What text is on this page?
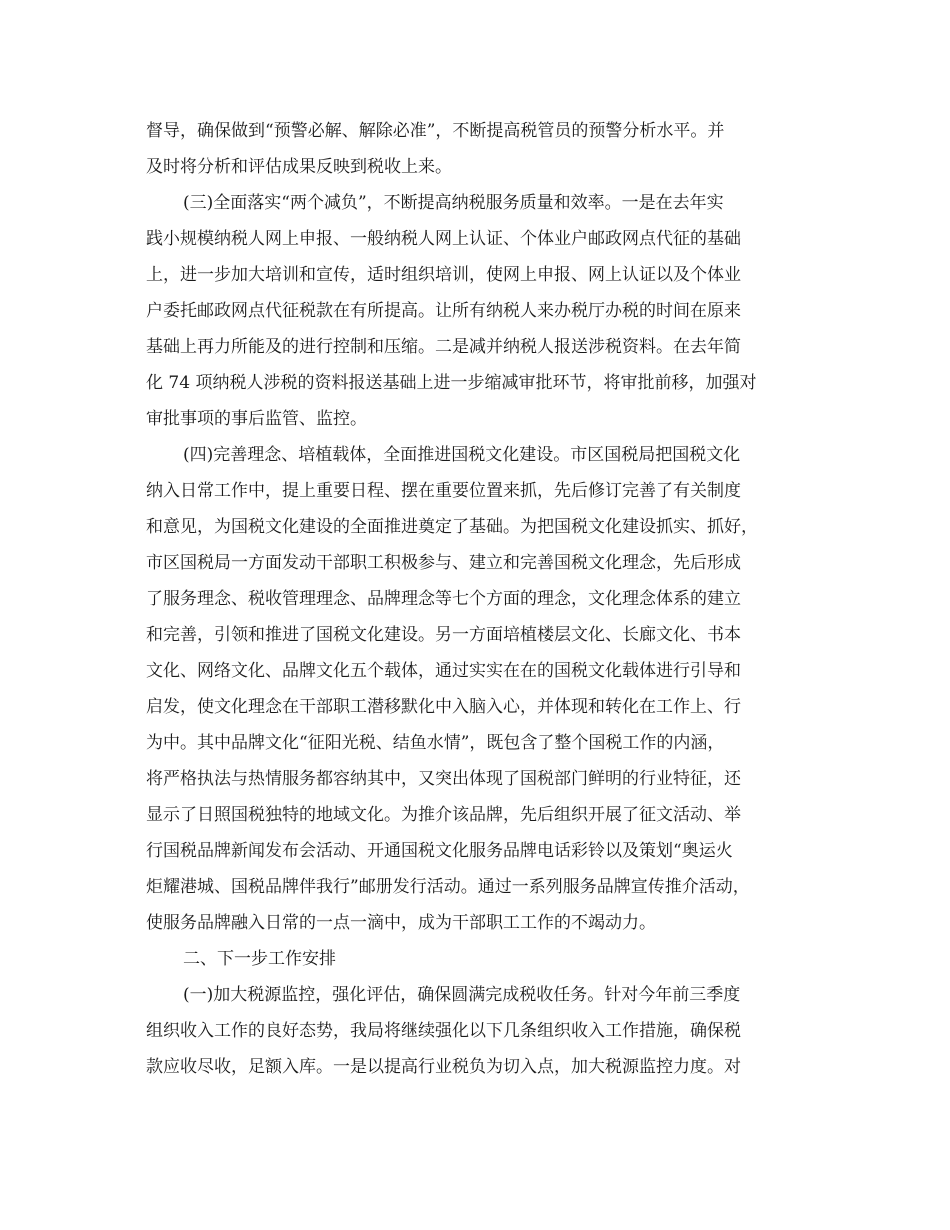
督导，确保做到“预警必解、解除必准”，不断提高税管员的预警分析水平。并
及时将分析和评估成果反映到税收上来。
(三)全面落实“两个减负”，不断提高纳税服务质量和效率。一是在去年实
践小规模纳税人网上申报、一般纳税人网上认证、个体业户邮政网点代征的基础
上，进一步加大培训和宣传，适时组织培训，使网上申报、网上认证以及个体业
户委托邮政网点代征税款在有所提高。让所有纳税人来办税厅办税的时间在原来
基础上再力所能及的进行控制和压缩。二是减并纳税人报送涉税资料。在去年简
化 74 项纳税人涉税的资料报送基础上进一步缩减审批环节，将审批前移，加强对
审批事项的事后监管、监控。
(四)完善理念、培植载体，全面推进国税文化建设。市区国税局把国税文化
纳入日常工作中，提上重要日程、摆在重要位置来抓，先后修订完善了有关制度
和意见，为国税文化建设的全面推进奠定了基础。为把国税文化建设抓实、抓好，
市区国税局一方面发动干部职工积极参与、建立和完善国税文化理念，先后形成
了服务理念、税收管理理念、品牌理念等七个方面的理念，文化理念体系的建立
和完善，引领和推进了国税文化建设。另一方面培植楼层文化、长廊文化、书本
文化、网络文化、品牌文化五个载体，通过实实在在的国税文化载体进行引导和
启发，使文化理念在干部职工潜移默化中入脑入心，并体现和转化在工作上、行
为中。其中品牌文化“征阳光税、结鱼水情”，既包含了整个国税工作的内涵，
将严格执法与热情服务都容纳其中，又突出体现了国税部门鲜明的行业特征，还
显示了日照国税独特的地域文化。为推介该品牌，先后组织开展了征文活动、举
行国税品牌新闻发布会活动、开通国税文化服务品牌电话彩铃以及策划“奥运火
炬耀港城、国税品牌伴我行”邮册发行活动。通过一系列服务品牌宣传推介活动，
使服务品牌融入日常的一点一滴中，成为干部职工工作的不竭动力。
二、下一步工作安排
(一)加大税源监控，强化评估，确保圆满完成税收任务。针对今年前三季度
组织收入工作的良好态势，我局将继续强化以下几条组织收入工作措施，确保税
款应收尽收，足额入库。一是以提高行业税负为切入点，加大税源监控力度。对
